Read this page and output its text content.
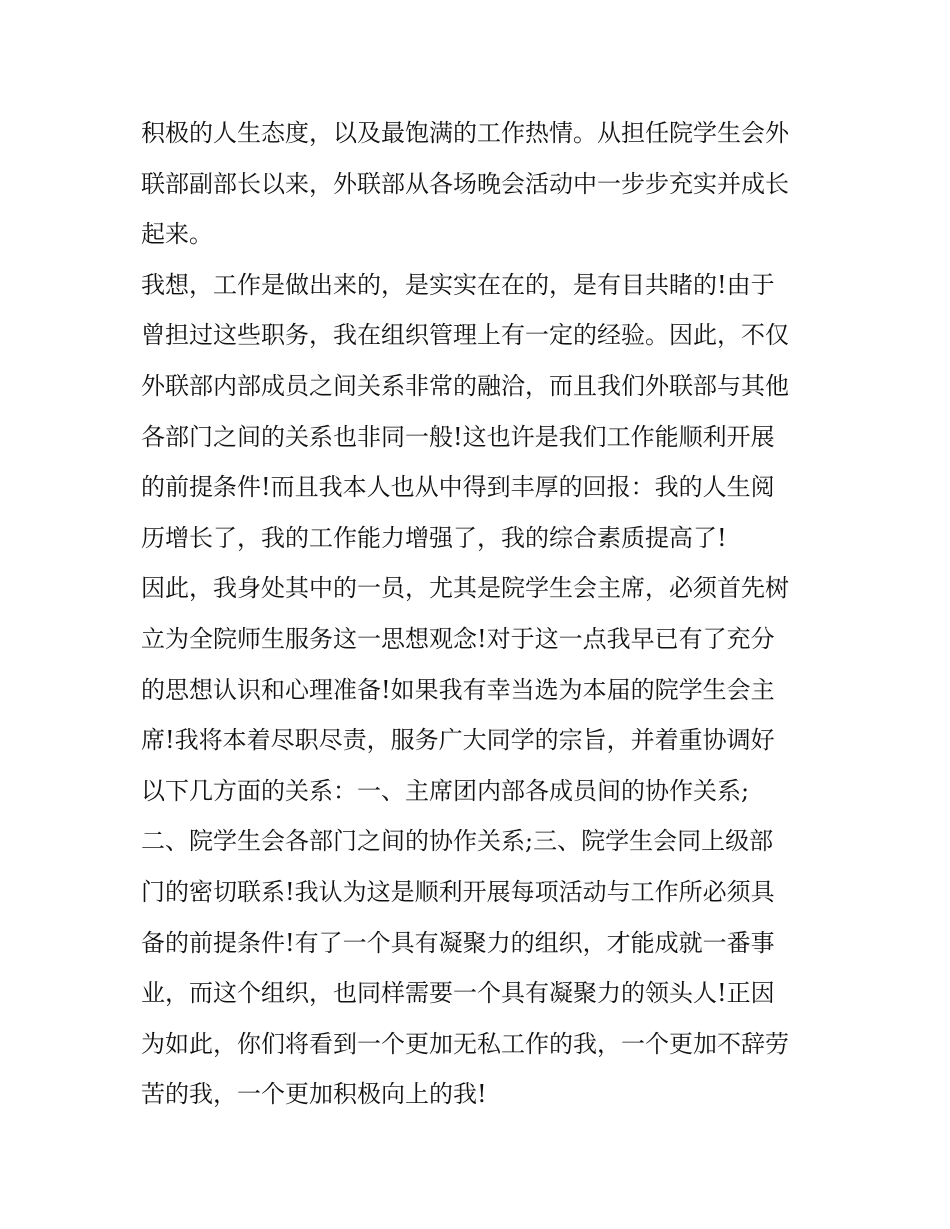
积极的人生态度，以及最饱满的工作热情。从担任院学生会外

联部副部长以来，外联部从各场晚会活动中一步步充实并成长

起来。

我想，工作是做出来的，是实实在在的，是有目共睹的!由于

曾担过这些职务，我在组织管理上有一定的经验。因此，不仅

外联部内部成员之间关系非常的融洽，而且我们外联部与其他

各部门之间的关系也非同一般!这也许是我们工作能顺利开展

的前提条件!而且我本人也从中得到丰厚的回报：我的人生阅

历增长了，我的工作能力增强了，我的综合素质提高了!

因此，我身处其中的一员，尤其是院学生会主席，必须首先树

立为全院师生服务这一思想观念!对于这一点我早已有了充分

的思想认识和心理准备!如果我有幸当选为本届的院学生会主

席!我将本着尽职尽责，服务广大同学的宗旨，并着重协调好

以下几方面的关系：一、主席团内部各成员间的协作关系;

二、院学生会各部门之间的协作关系;三、院学生会同上级部

门的密切联系!我认为这是顺利开展每项活动与工作所必须具

备的前提条件!有了一个具有凝聚力的组织，才能成就一番事

业，而这个组织，也同样需要一个具有凝聚力的领头人!正因

为如此，你们将看到一个更加无私工作的我，一个更加不辞劳

苦的我，一个更加积极向上的我!
